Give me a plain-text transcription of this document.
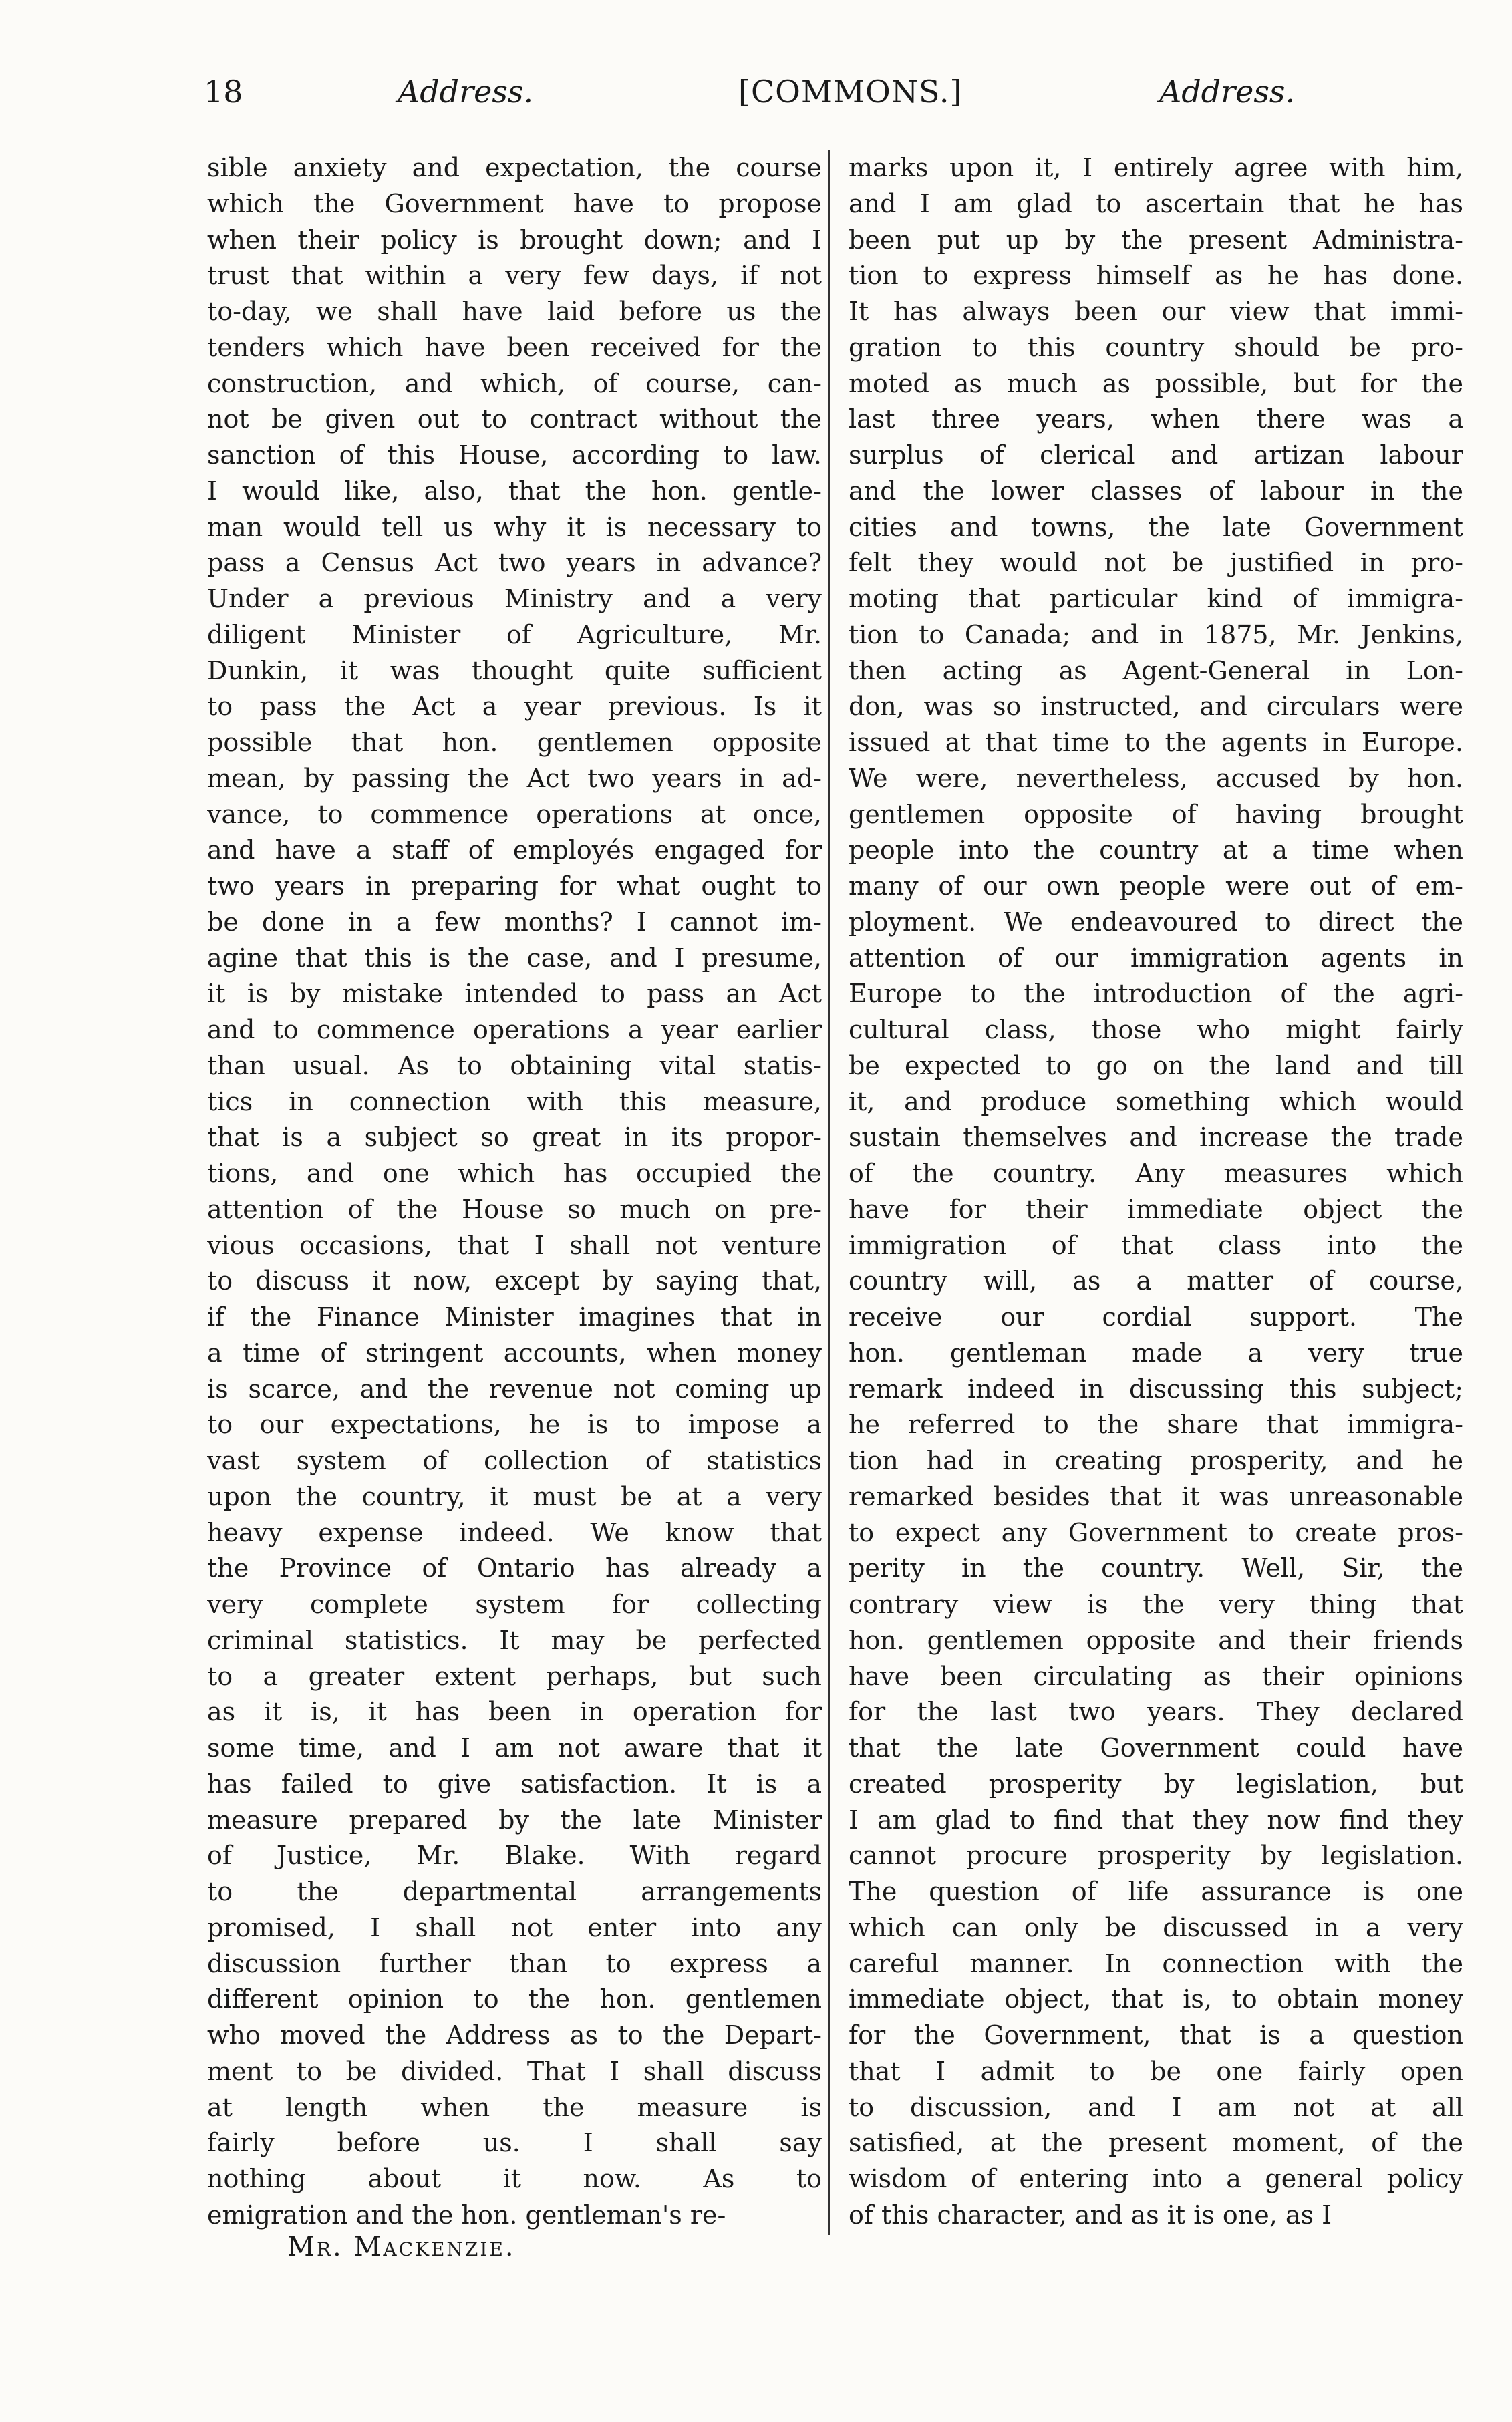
18	Address.	[COMMONS.]	Address.
sible anxiety and expectation, the course
which the Government have to propose
when their policy is brought down; and I
trust that within a very few days, if not
to-day, we shall have laid before us the
tenders which have been received for the
construction, and which, of course, can-
not be given out to contract without the
sanction of this House, according to law.
I would like, also, that the hon. gentle-
man would tell us why it is necessary to
pass a Census Act two years in advance?
Under a previous Ministry and a very
diligent Minister of Agriculture, Mr.
Dunkin, it was thought quite sufficient
to pass the Act a year previous. Is it
possible that hon. gentlemen opposite
mean, by passing the Act two years in ad-
vance, to commence operations at once,
and have a staff of employés engaged for
two years in preparing for what ought to
be done in a few months? I cannot im-
agine that this is the case, and I presume,
it is by mistake intended to pass an Act
and to commence operations a year earlier
than usual. As to obtaining vital statis-
tics in connection with this measure,
that is a subject so great in its propor-
tions, and one which has occupied the
attention of the House so much on pre-
vious occasions, that I shall not venture
to discuss it now, except by saying that,
if the Finance Minister imagines that in
a time of stringent accounts, when money
is scarce, and the revenue not coming up
to our expectations, he is to impose a
vast system of collection of statistics
upon the country, it must be at a very
heavy expense indeed. We know that
the Province of Ontario has already a
very complete system for collecting
criminal statistics. It may be perfected
to a greater extent perhaps, but such
as it is, it has been in operation for
some time, and I am not aware that it
has failed to give satisfaction. It is a
measure prepared by the late Minister
of Justice, Mr. Blake. With regard
to the departmental arrangements
promised, I shall not enter into any
discussion further than to express a
different opinion to the hon. gentlemen
who moved the Address as to the Depart-
ment to be divided. That I shall discuss
at length when the measure is
fairly before us. I shall say
nothing about it now. As to
emigration and the hon. gentleman's re-
marks upon it, I entirely agree with him,
and I am glad to ascertain that he has
been put up by the present Administra-
tion to express himself as he has done.
It has always been our view that immi-
gration to this country should be pro-
moted as much as possible, but for the
last three years, when there was a
surplus of clerical and artizan labour
and the lower classes of labour in the
cities and towns, the late Government
felt they would not be justified in pro-
moting that particular kind of immigra-
tion to Canada; and in 1875, Mr. Jenkins,
then acting as Agent-General in Lon-
don, was so instructed, and circulars were
issued at that time to the agents in Europe.
We were, nevertheless, accused by hon.
gentlemen opposite of having brought
people into the country at a time when
many of our own people were out of em-
ployment. We endeavoured to direct the
attention of our immigration agents in
Europe to the introduction of the agri-
cultural class, those who might fairly
be expected to go on the land and till
it, and produce something which would
sustain themselves and increase the trade
of the country. Any measures which
have for their immediate object the
immigration of that class into the
country will, as a matter of course,
receive our cordial support. The
hon. gentleman made a very true
remark indeed in discussing this subject;
he referred to the share that immigra-
tion had in creating prosperity, and he
remarked besides that it was unreasonable
to expect any Government to create pros-
perity in the country. Well, Sir, the
contrary view is the very thing that
hon. gentlemen opposite and their friends
have been circulating as their opinions
for the last two years. They declared
that the late Government could have
created prosperity by legislation, but
I am glad to find that they now find they
cannot procure prosperity by legislation.
The question of life assurance is one
which can only be discussed in a very
careful manner. In connection with the
immediate object, that is, to obtain money
for the Government, that is a question
that I admit to be one fairly open
to discussion, and I am not at all
satisfied, at the present moment, of the
wisdom of entering into a general policy
of this character, and as it is one, as I
Mr. Mackenzie.
